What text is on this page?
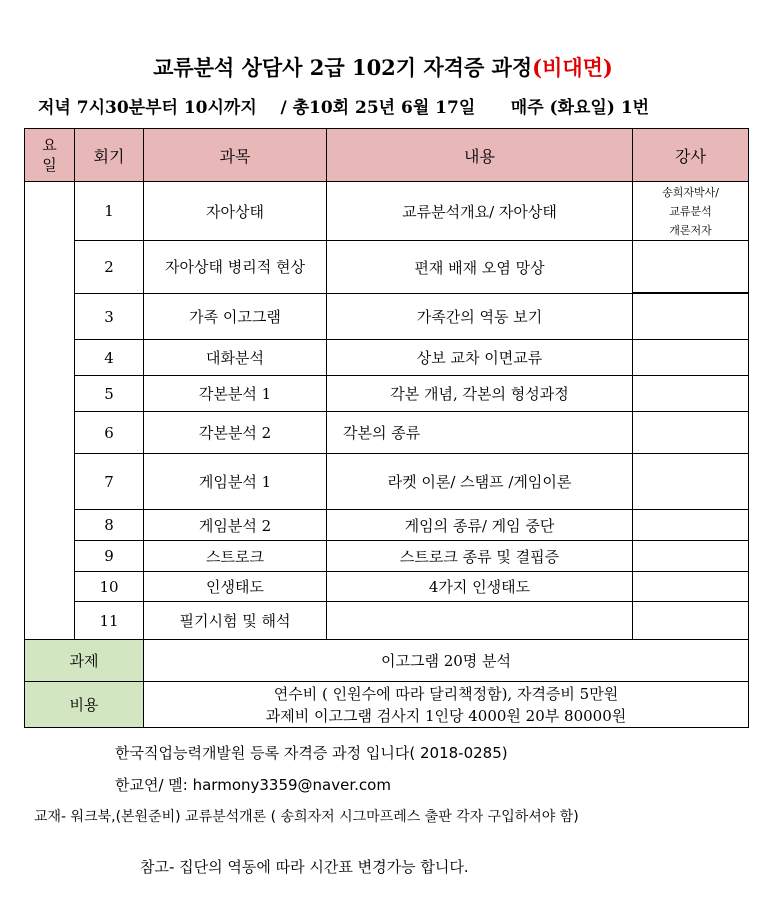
교류분석 상담사 2급 102기 자격증 과정(비대면)
저녁 7시30분부터 10시까지 / 총10회 25년 6월 17일 매주 (화요일) 1번
요일	회기	과목	내용	강사
	1	자아상태	교류분석개요/ 자아상태	송희자박사/
교류분석
개론저자

	2	자아상태 병리적 현상	편재 배재 오염 망상	

	3	가족 이고그램	가족간의 역동 보기	
	4	대화분석	상보 교차 이면교류	
	5	각본분석 1	각본 개념, 각본의 형성과정	
	6	각본분석 2	각본의 종류	
	7	게임분석 1	라켓 이론/ 스탬프 /게임이론	
	8	게임분석 2	게임의 종류/ 게임 중단	
	9	스트로크	스트로크 종류 및 결핍증	
	10	인생태도	4가지 인생태도	
	11	필기시험 및 해석		
과제		이고그램 20명 분석		
비용		연수비 ( 인원수에 따라 달리책정함), 자격증비 5만원
과제비 이고그램 검사지 1인당 4000원 20부 80000원		
한국직업능력개발원 등록 자격증 과정 입니다( 2018-0285)
한교연/ 멜: harmony3359@naver.com
교재- 워크북,(본원준비) 교류분석개론 ( 송희자저 시그마프레스 출판 각자 구입하셔야 함)
참고- 집단의 역동에 따라 시간표 변경가능 합니다.
